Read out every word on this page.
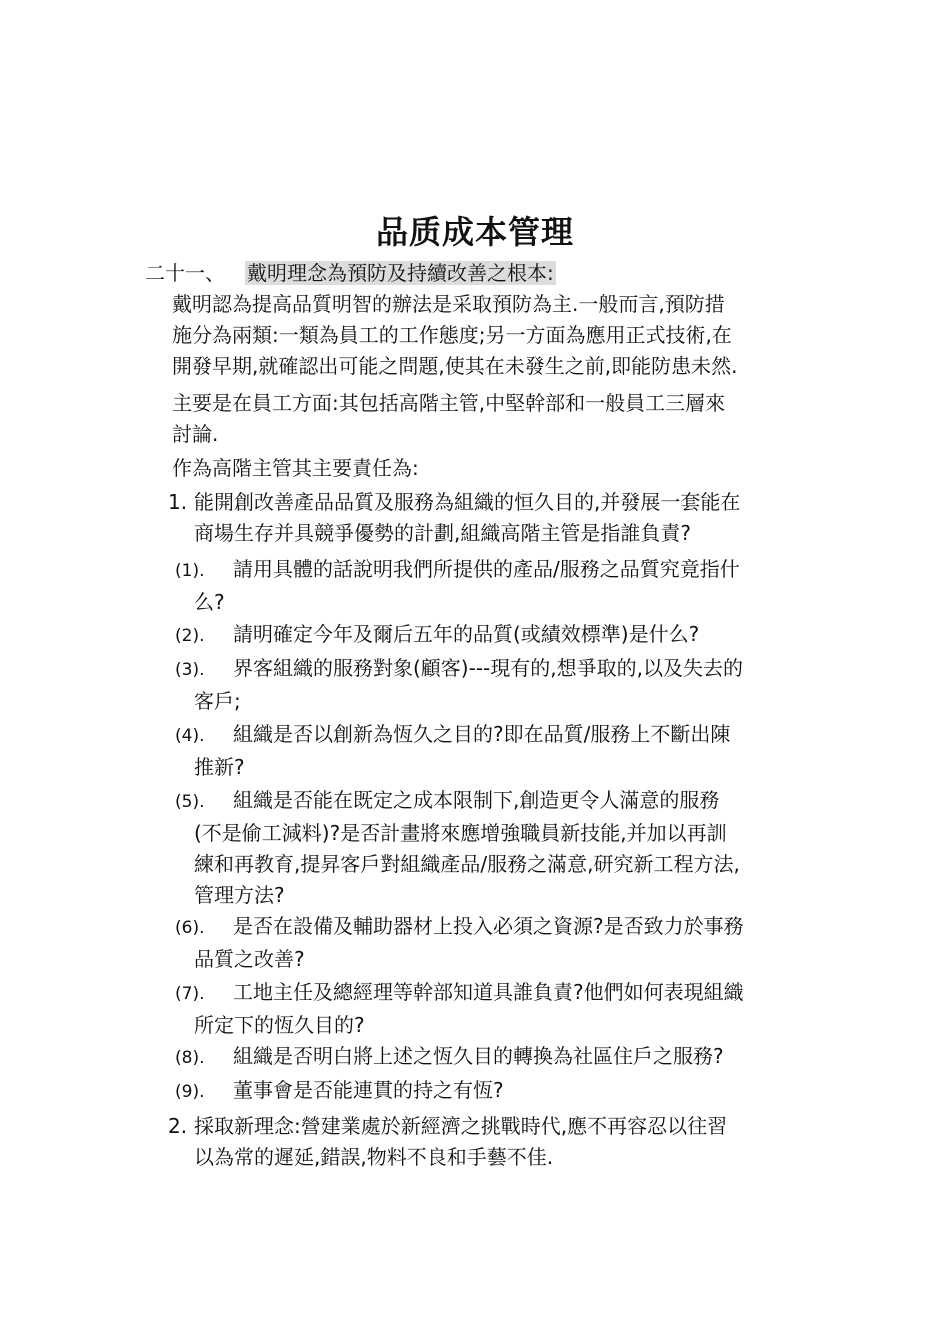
品质成本管理
二十一、 戴明理念為預防及持續改善之根本:
戴明認為提高品質明智的辦法是采取預防為主.一般而言,預防措
施分為兩類:一類為員工的工作態度;另一方面為應用正式技術,在
開發早期,就確認出可能之問題,使其在未發生之前,即能防患未然.
主要是在員工方面:其包括高階主管,中堅幹部和一般員工三層來
討論.
作為高階主管其主要責任為:
1. 能開創改善產品品質及服務為組織的恒久目的,并發展一套能在
商場生存并具競爭優勢的計劃,組織高階主管是指誰負責?
(1). 請用具體的話說明我們所提供的產品/服務之品質究竟指什
么?
(2). 請明確定今年及爾后五年的品質(或績效標準)是什么?
(3). 界客組織的服務對象(顧客)---現有的,想爭取的,以及失去的
客戶;
(4). 組織是否以創新為恆久之目的?即在品質/服務上不斷出陳
推新?
(5). 組織是否能在既定之成本限制下,創造更令人滿意的服務
(不是偷工減料)?是否計畫將來應增強職員新技能,并加以再訓
練和再教育,提昇客戶對組織產品/服務之滿意,研究新工程方法,
管理方法?
(6). 是否在設備及輔助器材上投入必須之資源?是否致力於事務
品質之改善?
(7). 工地主任及總經理等幹部知道具誰負責?他們如何表現組織
所定下的恆久目的?
(8). 組織是否明白將上述之恆久目的轉換為社區住戶之服務?
(9). 董事會是否能連貫的持之有恆?
2. 採取新理念:營建業處於新經濟之挑戰時代,應不再容忍以往習
以為常的遲延,錯誤,物料不良和手藝不佳.
